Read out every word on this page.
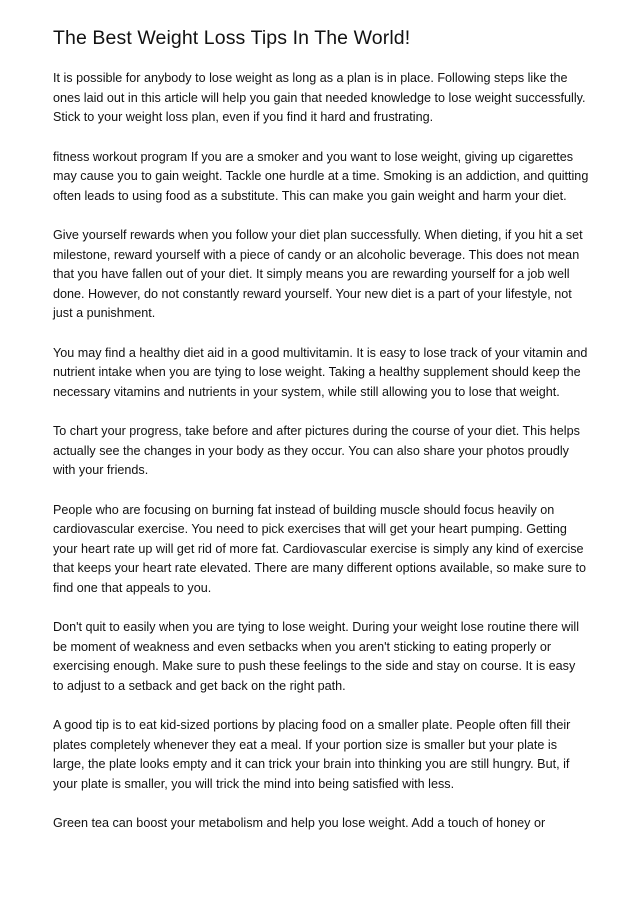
The Best Weight Loss Tips In The World!

It is possible for anybody to lose weight as long as a plan is in place. Following steps like the ones laid out in this article will help you gain that needed knowledge to lose weight successfully. Stick to your weight loss plan, even if you find it hard and frustrating.

fitness workout program If you are a smoker and you want to lose weight, giving up cigarettes may cause you to gain weight. Tackle one hurdle at a time. Smoking is an addiction, and quitting often leads to using food as a substitute. This can make you gain weight and harm your diet.

Give yourself rewards when you follow your diet plan successfully. When dieting, if you hit a set milestone, reward yourself with a piece of candy or an alcoholic beverage. This does not mean that you have fallen out of your diet. It simply means you are rewarding yourself for a job well done. However, do not constantly reward yourself. Your new diet is a part of your lifestyle, not just a punishment.

You may find a healthy diet aid in a good multivitamin. It is easy to lose track of your vitamin and nutrient intake when you are tying to lose weight. Taking a healthy supplement should keep the necessary vitamins and nutrients in your system, while still allowing you to lose that weight.

To chart your progress, take before and after pictures during the course of your diet. This helps actually see the changes in your body as they occur. You can also share your photos proudly with your friends.

People who are focusing on burning fat instead of building muscle should focus heavily on cardiovascular exercise. You need to pick exercises that will get your heart pumping. Getting your heart rate up will get rid of more fat. Cardiovascular exercise is simply any kind of exercise that keeps your heart rate elevated. There are many different options available, so make sure to find one that appeals to you.

Don't quit to easily when you are tying to lose weight. During your weight lose routine there will be moment of weakness and even setbacks when you aren't sticking to eating properly or exercising enough. Make sure to push these feelings to the side and stay on course. It is easy to adjust to a setback and get back on the right path.

A good tip is to eat kid-sized portions by placing food on a smaller plate. People often fill their plates completely whenever they eat a meal. If your portion size is smaller but your plate is large, the plate looks empty and it can trick your brain into thinking you are still hungry. But, if your plate is smaller, you will trick the mind into being satisfied with less.

Green tea can boost your metabolism and help you lose weight. Add a touch of honey or
